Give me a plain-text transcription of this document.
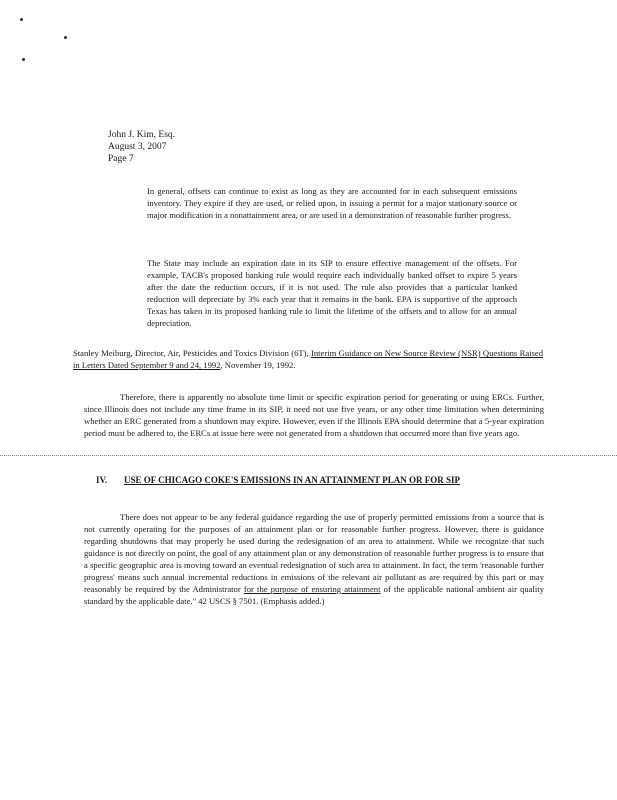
John J. Kim, Esq.
August 3, 2007
Page 7
In general, offsets can continue to exist as long as they are accounted for in each subsequent emissions inventory. They expire if they are used, or relied upon, in issuing a permit for a major stationary source or major modification in a nonattainment area, or are used in a demonstration of reasonable further progress.
The State may include an expiration date in its SIP to ensure effective management of the offsets. For example, TACB's proposed banking rule would require each individually banked offset to expire 5 years after the date the reduction occurs, if it is not used. The rule also provides that a particular banked reduction will depreciate by 3% each year that it remains in the bank. EPA is supportive of the approach Texas has taken in its proposed banking rule to limit the lifetime of the offsets and to allow for an annual depreciation.
Stanley Meiburg, Director, Air, Pesticides and Toxics Division (6T), Interim Guidance on New Source Review (NSR) Questions Raised in Letters Dated September 9 and 24, 1992, November 19, 1992.
Therefore, there is apparently no absolute time limit or specific expiration period for generating or using ERCs. Further, since Illinois does not include any time frame in its SIP, it need not use five years, or any other time limitation when determining whether an ERC generated from a shutdown may expire. However, even if the Illinois EPA should determine that a 5-year expiration period must be adhered to, the ERCs at issue here were not generated from a shutdown that occurred more than five years ago.
IV. USE OF CHICAGO COKE'S EMISSIONS IN AN ATTAINMENT PLAN OR FOR SIP
There does not appear to be any federal guidance regarding the use of properly permitted emissions from a source that is not currently operating for the purposes of an attainment plan or for reasonable further progress. However, there is guidance regarding shutdowns that may properly be used during the redesignation of an area to attainment. While we recognize that such guidance is not directly on point, the goal of any attainment plan or any demonstration of reasonable further progress is to ensure that a specific geographic area is moving toward an eventual redesignation of such area to attainment. In fact, the term 'reasonable further progress' means such annual incremental reductions in emissions of the relevant air pollutant as are required by this part or may reasonably be required by the Administrator for the purpose of ensuring attainment of the applicable national ambient air quality standard by the applicable date." 42 USCS § 7501. (Emphasis added.)
